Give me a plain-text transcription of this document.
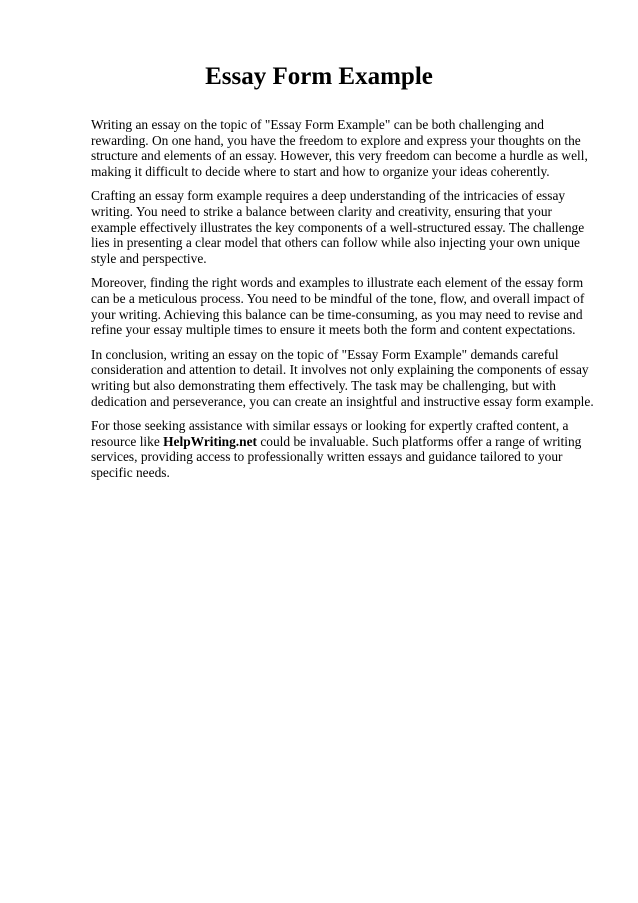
Essay Form Example

Writing an essay on the topic of "Essay Form Example" can be both challenging and rewarding. On one hand, you have the freedom to explore and express your thoughts on the structure and elements of an essay. However, this very freedom can become a hurdle as well, making it difficult to decide where to start and how to organize your ideas coherently.

Crafting an essay form example requires a deep understanding of the intricacies of essay writing. You need to strike a balance between clarity and creativity, ensuring that your example effectively illustrates the key components of a well-structured essay. The challenge lies in presenting a clear model that others can follow while also injecting your own unique style and perspective.

Moreover, finding the right words and examples to illustrate each element of the essay form can be a meticulous process. You need to be mindful of the tone, flow, and overall impact of your writing. Achieving this balance can be time-consuming, as you may need to revise and refine your essay multiple times to ensure it meets both the form and content expectations.

In conclusion, writing an essay on the topic of "Essay Form Example" demands careful consideration and attention to detail. It involves not only explaining the components of essay writing but also demonstrating them effectively. The task may be challenging, but with dedication and perseverance, you can create an insightful and instructive essay form example.

For those seeking assistance with similar essays or looking for expertly crafted content, a resource like HelpWriting.net could be invaluable. Such platforms offer a range of writing services, providing access to professionally written essays and guidance tailored to your specific needs.
